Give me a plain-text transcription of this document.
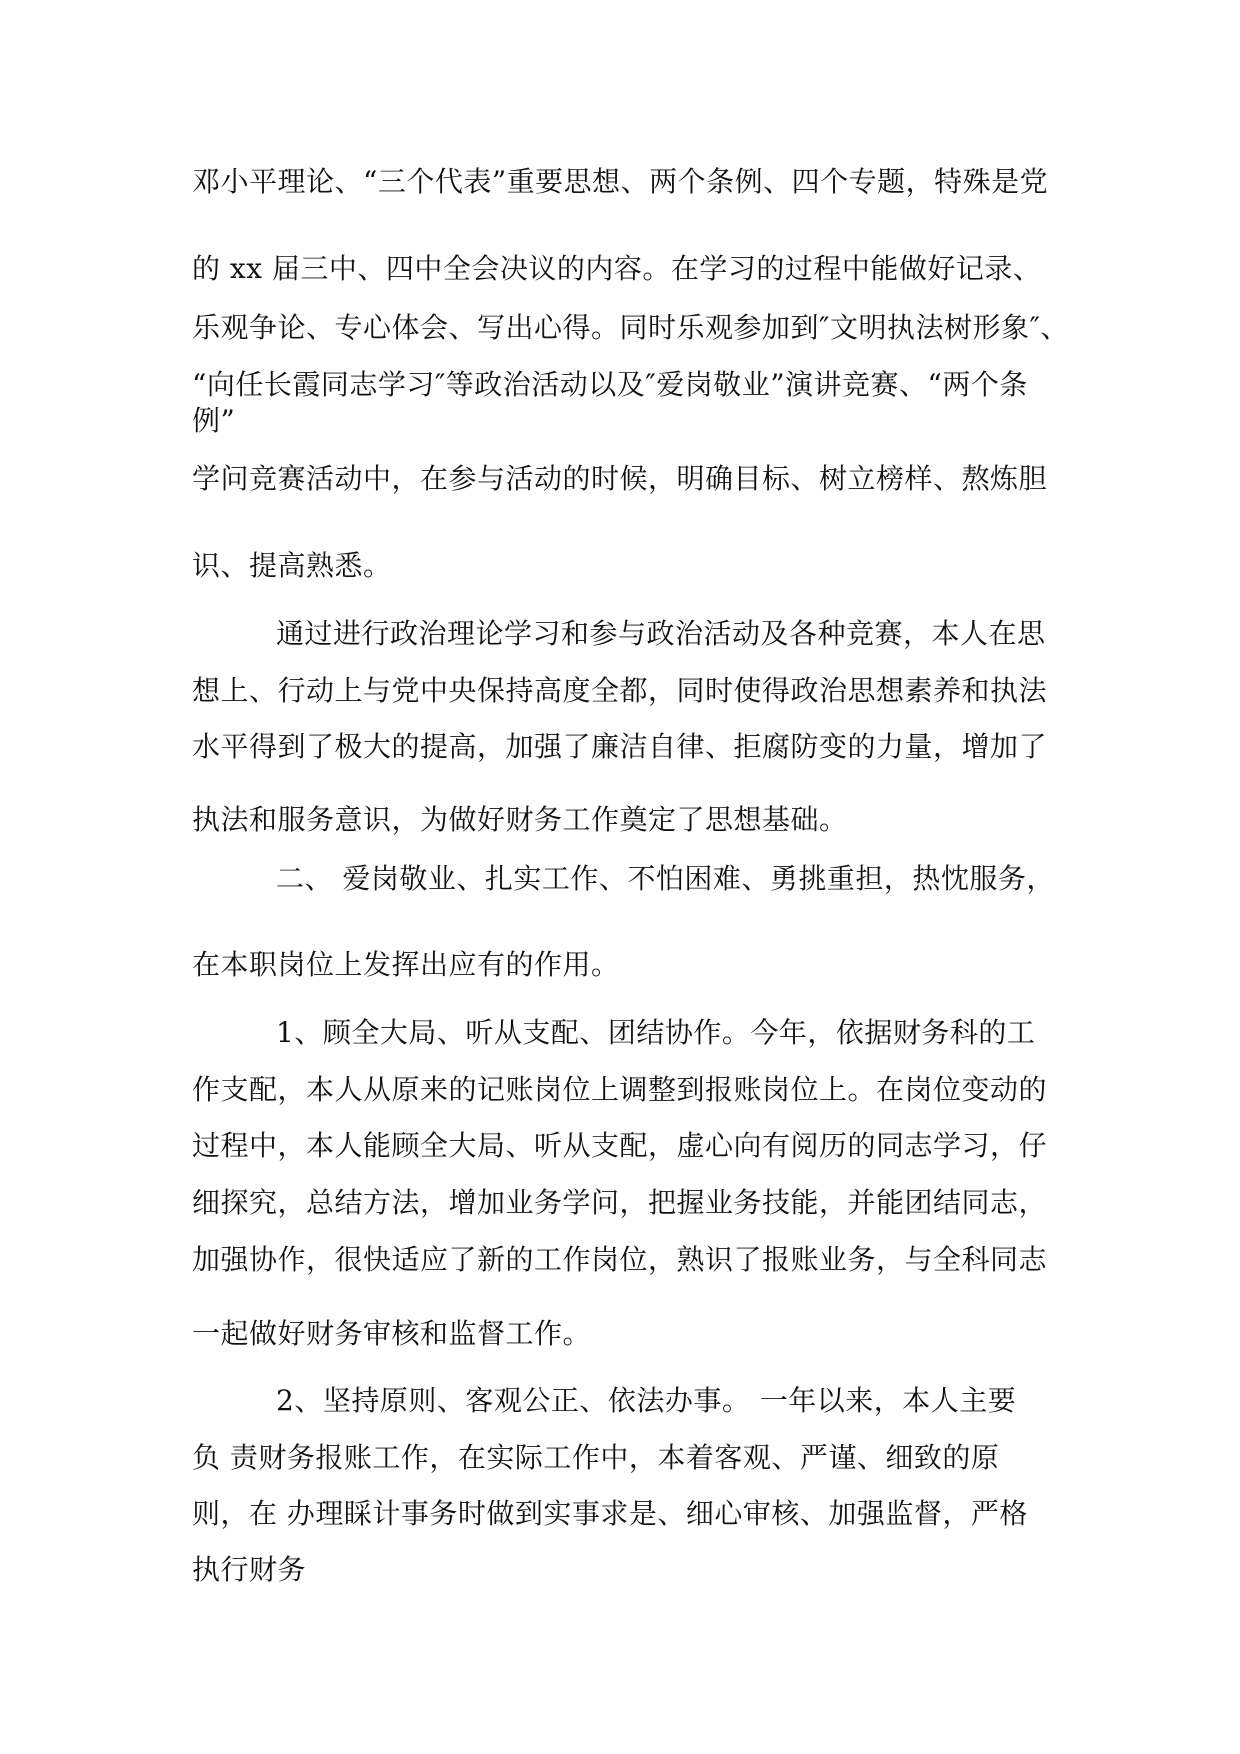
邓小平理论、“三个代表”重要思想、两个条例、四个专题，特殊是党
的 xx 届三中、四中全会决议的内容。在学习的过程中能做好记录、
乐观争论、专心体会、写出心得。同时乐观参加到″文明执法树形象″、
“向任长霞同志学习″等政治活动以及″爱岗敬业”演讲竞赛、“两个条
例”
学问竞赛活动中，在参与活动的时候，明确目标、树立榜样、熬炼胆
识、提高熟悉。
通过进行政治理论学习和参与政治活动及各种竞赛，本人在思
想上、行动上与党中央保持高度全都，同时使得政治思想素养和执法
水平得到了极大的提高，加强了廉洁自律、拒腐防变的力量，增加了
执法和服务意识，为做好财务工作奠定了思想基础。
二、 爱岗敬业、扎实工作、不怕困难、勇挑重担，热忱服务，
在本职岗位上发挥出应有的作用。
1、顾全大局、听从支配、团结协作。今年，依据财务科的工
作支配，本人从原来的记账岗位上调整到报账岗位上。在岗位变动的
过程中，本人能顾全大局、听从支配，虚心向有阅历的同志学习，仔
细探究，总结方法，增加业务学问，把握业务技能，并能团结同志，
加强协作，很快适应了新的工作岗位，熟识了报账业务，与全科同志
一起做好财务审核和监督工作。
2、坚持原则、客观公正、依法办事。 一年以来，本人主要
负 责财务报账工作，在实际工作中，本着客观、严谨、细致的原
则，在 办理睬计事务时做到实事求是、细心审核、加强监督，严格
执行财务
